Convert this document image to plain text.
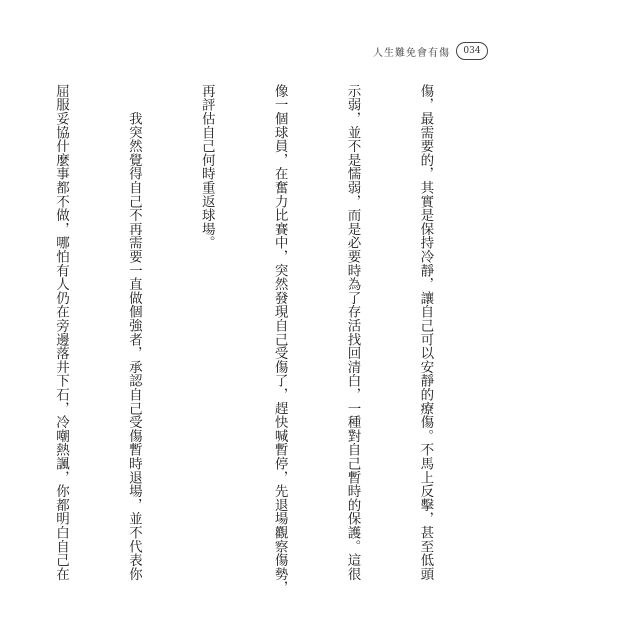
人生難免會有傷	034

傷，最需要的，其實是保持冷靜，讓自己可以安靜的療傷。不馬上反擊，甚至低頭

示弱，並不是懦弱，而是必要時為了存活找回清白，一種對自己暫時的保護。這很

像一個球員，在奮力比賽中，突然發現自己受傷了，趕快喊暫停，先退場觀察傷勢，

再評估自己何時重返球場。

　　我突然覺得自己不再需要一直做個強者，承認自己受傷暫時退場，並不代表你

屈服妥協什麼事都不做，哪怕有人仍在旁邊落井下石，冷嘲熱諷，你都明白自己在
